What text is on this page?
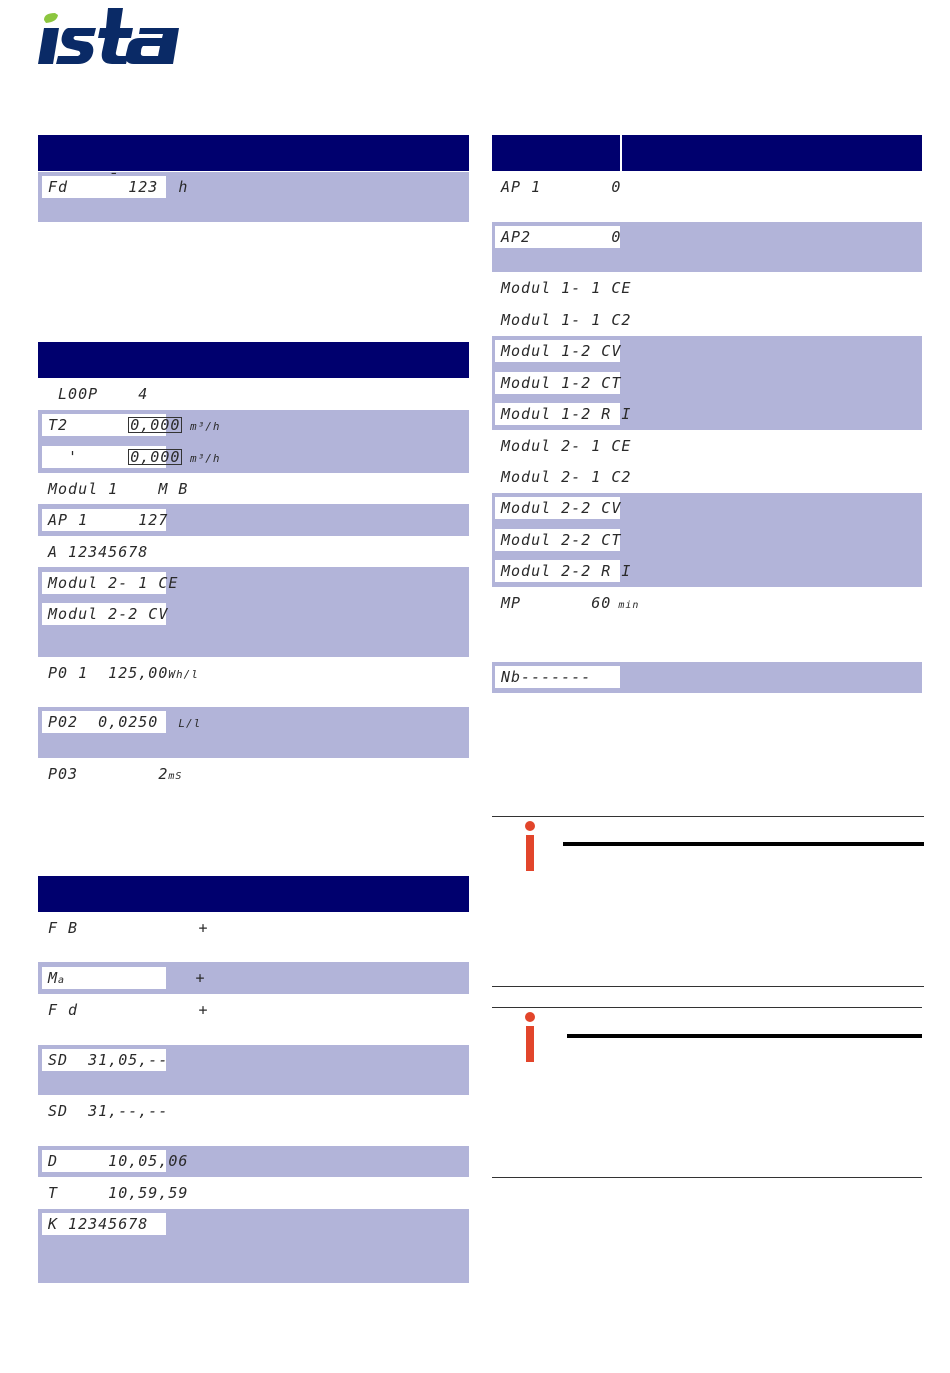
Fd    ¯ 123  h
L00P    4
T2      0,000 m³/h
'     0,000 m³/h
Modul 1    M B
AP 1     127
A 12345678
Modul 2- 1 CE
Modul 2-2 CV
P0 1  125,00Wh/l
P02  0,0250  L/l
P03        2mS
F B            +
Ma             +
F d            +
SD  31,05,--
SD  31,--,--
D     10,05,06
T     10,59,59
K 12345678
AP 1       0
AP2        0
Modul 1- 1 CE
Modul 1- 1 C2
Modul 1-2 CV
Modul 1-2 CT
Modul 1-2 R I
Modul 2- 1 CE
Modul 2- 1 C2
Modul 2-2 CV
Modul 2-2 CT
Modul 2-2 R I
MP       60 min
Nb-------
